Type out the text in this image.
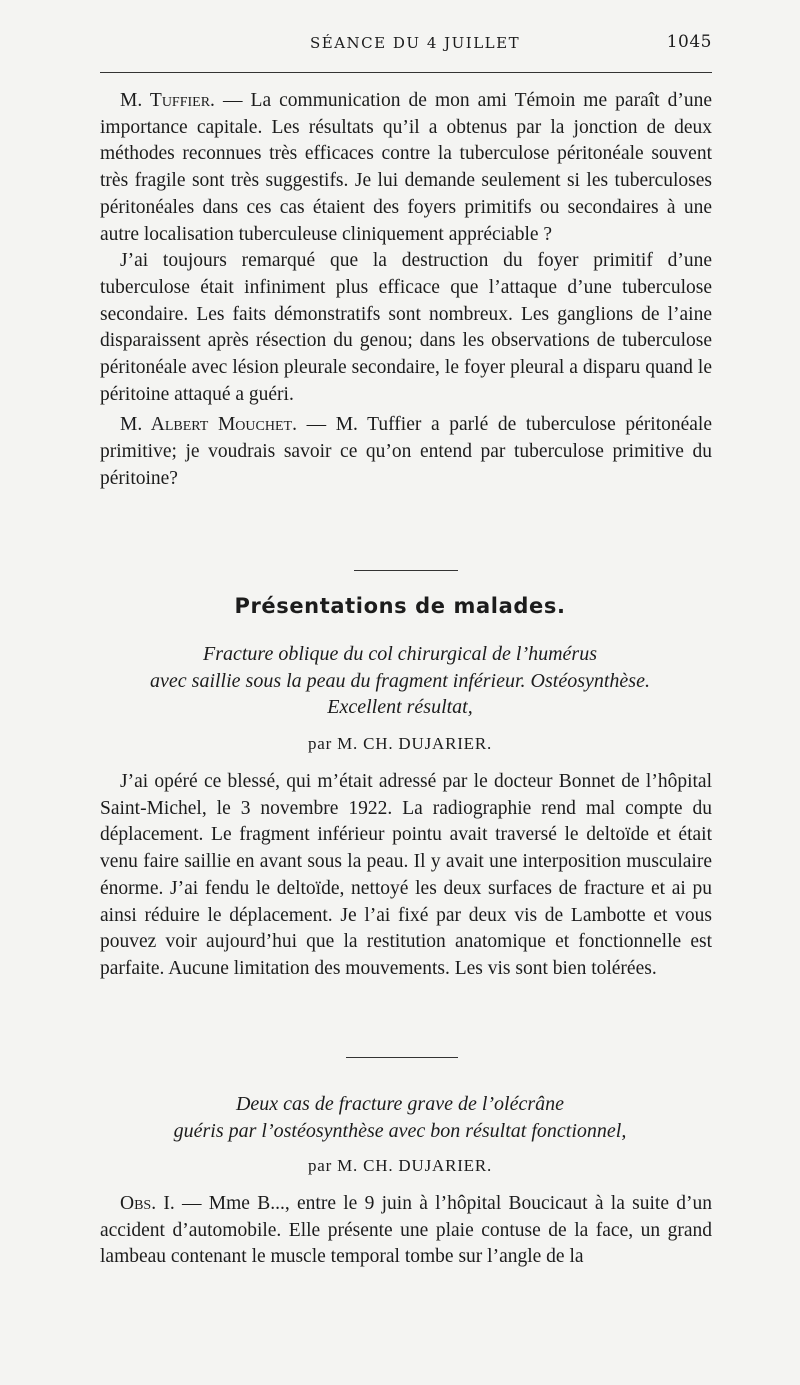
SÉANCE DU 4 JUILLET	1045

M. Tuffier. — La communication de mon ami Témoin me paraît d’une importance capitale. Les résultats qu’il a obtenus par la jonction de deux méthodes reconnues très efficaces contre la tuberculose péritonéale souvent très fragile sont très suggestifs. Je lui demande seulement si les tuberculoses péritonéales dans ces cas étaient des foyers primitifs ou secondaires à une autre localisation tuberculeuse cliniquement appréciable ?

J’ai toujours remarqué que la destruction du foyer primitif d’une tuberculose était infiniment plus efficace que l’attaque d’une tuberculose secondaire. Les faits démonstratifs sont nombreux. Les ganglions de l’aine disparaissent après résection du genou; dans les observations de tuberculose péritonéale avec lésion pleurale secondaire, le foyer pleural a disparu quand le péritoine attaqué a guéri.

M. Albert Mouchet. — M. Tuffier a parlé de tuberculose péritonéale primitive; je voudrais savoir ce qu’on entend par tuberculose primitive du péritoine?

Présentations de malades.
Fracture oblique du col chirurgical de l’humérus
avec saillie sous la peau du fragment inférieur. Ostéosynthèse.
Excellent résultat,
par M. CH. DUJARIER.

J’ai opéré ce blessé, qui m’était adressé par le docteur Bonnet de l’hôpital Saint-Michel, le 3 novembre 1922. La radiographie rend mal compte du déplacement. Le fragment inférieur pointu avait traversé le deltoïde et était venu faire saillie en avant sous la peau. Il y avait une interposition musculaire énorme. J’ai fendu le deltoïde, nettoyé les deux surfaces de fracture et ai pu ainsi réduire le déplacement. Je l’ai fixé par deux vis de Lambotte et vous pouvez voir aujourd’hui que la restitution anatomique et fonctionnelle est parfaite. Aucune limitation des mouvements. Les vis sont bien tolérées.

Deux cas de fracture grave de l’olécrâne
guéris par l’ostéosynthèse avec bon résultat fonctionnel,
par M. CH. DUJARIER.

Obs. I. — Mme B..., entre le 9 juin à l’hôpital Boucicaut à la suite d’un accident d’automobile. Elle présente une plaie contuse de la face, un grand lambeau contenant le muscle temporal tombe sur l’angle de la
